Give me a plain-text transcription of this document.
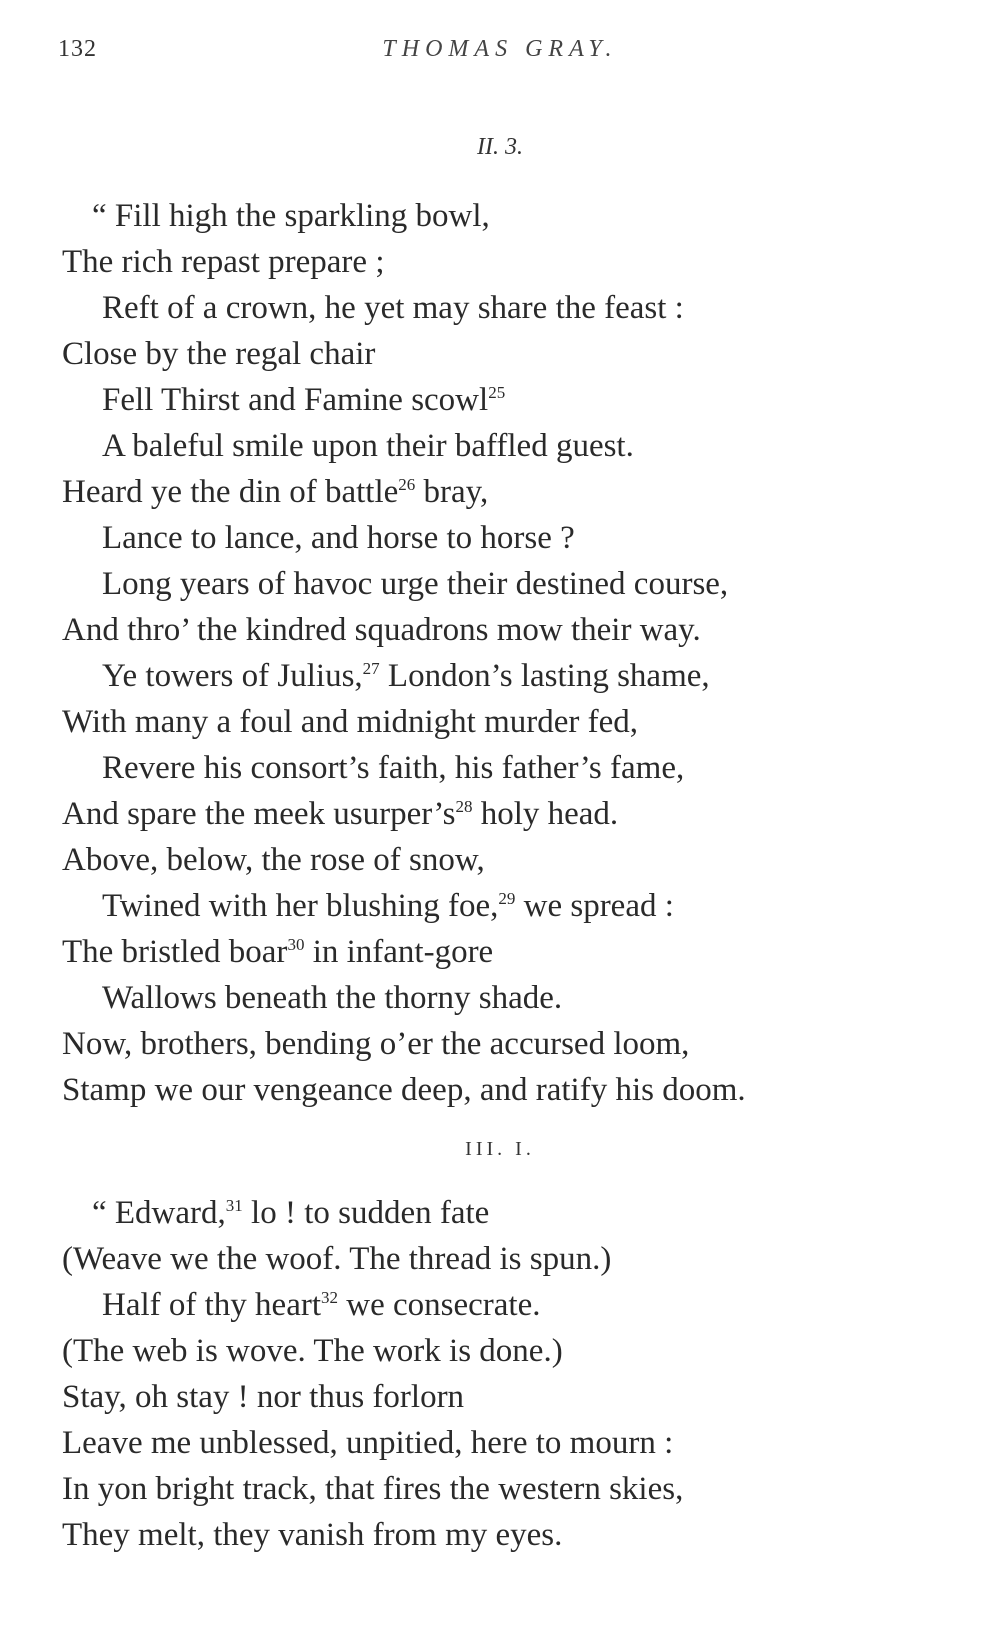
132	THOMAS GRAY.
II. 3.
“ Fill high the sparkling bowl,
The rich repast prepare ;
Reft of a crown, he yet may share the feast :
Close by the regal chair
Fell Thirst and Famine scowl$^{25}$
A baleful smile upon their baffled guest.
Heard ye the din of battle$^{26}$ bray,
Lance to lance, and horse to horse ?
Long years of havoc urge their destined course,
And thro’ the kindred squadrons mow their way.
Ye towers of Julius,$^{27}$ London’s lasting shame,
With many a foul and midnight murder fed,
Revere his consort’s faith, his father’s fame,
And spare the meek $usurper’s^{28}$ holy head.
Above, below, the rose of snow,
Twined with her blushing foe,$^{29}$ we spread :
The bristled boar$^{30}$ in infant-gore
Wallows beneath the thorny shade.
Now, brothers, bending o’er the accursed loom,
Stamp we our vengeance deep, and ratify his doom.
III. I.
“ Edward,$^{31}$ lo ! to sudden fate
(Weave we the woof. The thread is spun.)
Half of thy heart$^{32}$ we consecrate.
(The web is wove. The work is done.)
Stay, oh stay ! nor thus forlorn
Leave me unblessed, unpitied, here to mourn :
In yon bright track, that fires the western skies,
They melt, they vanish from my eyes.
